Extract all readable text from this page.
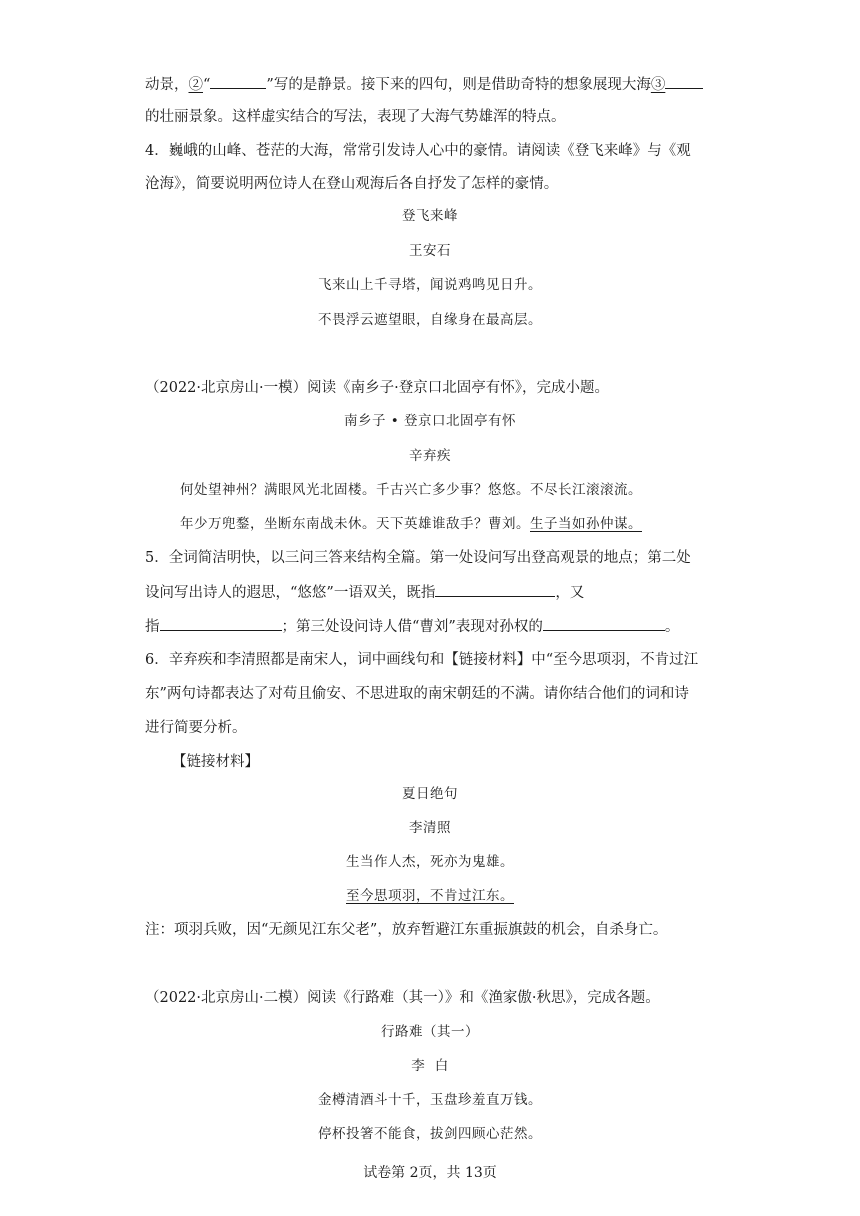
动景，②“	”写的是静景。接下来的四句，则是借助奇特的想象展现大海③
的壮丽景象。这样虚实结合的写法，表现了大海气势雄浑的特点。
4．巍峨的山峰、苍茫的大海，常常引发诗人心中的豪情。请阅读《登飞来峰》与《观
沧海》，简要说明两位诗人在登山观海后各自抒发了怎样的豪情。
登飞来峰
王安石
飞来山上千寻塔，闻说鸡鸣见日升。
不畏浮云遮望眼，自缘身在最高层。
（2022·北京房山·一模）阅读《南乡子·登京口北固亭有怀》，完成小题。
南乡子 • 登京口北固亭有怀
辛弃疾
何处望神州？满眼风光北固楼。千古兴亡多少事？悠悠。不尽长江滚滚流。
年少万兜鍪，坐断东南战未休。天下英雄谁敌手？曹刘。生子当如孙仲谋。
5．全词简洁明快，以三问三答来结构全篇。第一处设问写出登高观景的地点；第二处
设问写出诗人的遐思，“悠悠”一语双关，既指	，又
指	；第三处设问诗人借“曹刘”表现对孙权的	。
6．辛弃疾和李清照都是南宋人，词中画线句和【链接材料】中“至今思项羽，不肯过江
东”两句诗都表达了对苟且偷安、不思进取的南宋朝廷的不满。请你结合他们的词和诗
进行简要分析。
【链接材料】
夏日绝句
李清照
生当作人杰，死亦为鬼雄。
至今思项羽，不肯过江东。
注：项羽兵败，因“无颜见江东父老”，放弃暂避江东重振旗鼓的机会，自杀身亡。
（2022·北京房山·二模）阅读《行路难（其一）》和《渔家傲·秋思》，完成各题。
行路难（其一）
李  白
金樽清酒斗十千，玉盘珍羞直万钱。
停杯投箸不能食，拔剑四顾心茫然。
试卷第 2页，共 13页
